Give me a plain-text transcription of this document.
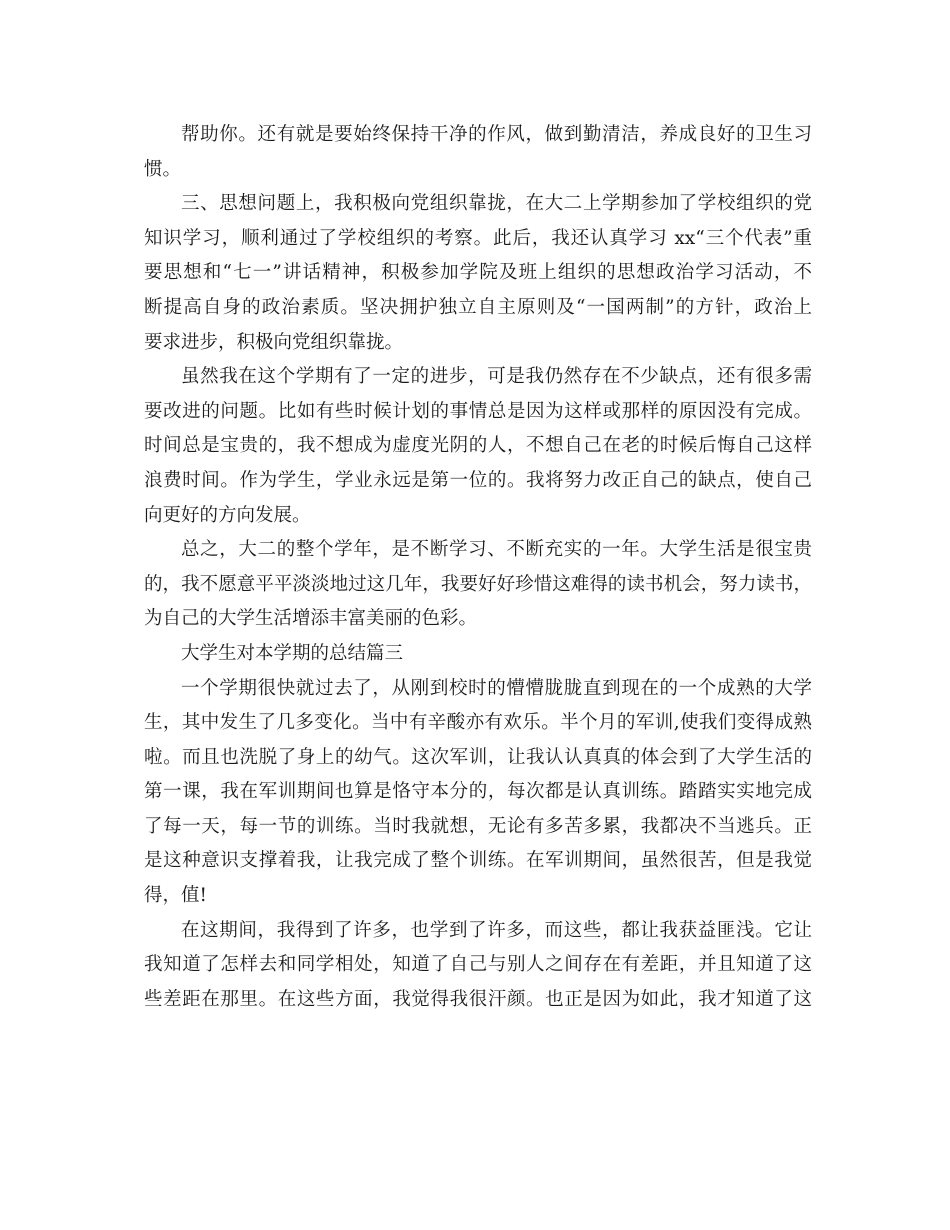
帮助你。还有就是要始终保持干净的作风，做到勤清洁，养成良好的卫生习
惯。
三、思想问题上，我积极向党组织靠拢，在大二上学期参加了学校组织的党
知识学习，顺利通过了学校组织的考察。此后，我还认真学习 xx“三个代表”重
要思想和“七一”讲话精神，积极参加学院及班上组织的思想政治学习活动，不
断提高自身的政治素质。坚决拥护独立自主原则及“一国两制”的方针，政治上
要求进步，积极向党组织靠拢。
虽然我在这个学期有了一定的进步，可是我仍然存在不少缺点，还有很多需
要改进的问题。比如有些时候计划的事情总是因为这样或那样的原因没有完成。
时间总是宝贵的，我不想成为虚度光阴的人，不想自己在老的时候后悔自己这样
浪费时间。作为学生，学业永远是第一位的。我将努力改正自己的缺点，使自己
向更好的方向发展。
总之，大二的整个学年，是不断学习、不断充实的一年。大学生活是很宝贵
的，我不愿意平平淡淡地过这几年，我要好好珍惜这难得的读书机会，努力读书，
为自己的大学生活增添丰富美丽的色彩。
大学生对本学期的总结篇三
一个学期很快就过去了，从刚到校时的懵懵胧胧直到现在的一个成熟的大学
生，其中发生了几多变化。当中有辛酸亦有欢乐。半个月的军训,使我们变得成熟
啦。而且也洗脱了身上的幼气。这次军训，让我认认真真的体会到了大学生活的
第一课，我在军训期间也算是恪守本分的，每次都是认真训练。踏踏实实地完成
了每一天，每一节的训练。当时我就想，无论有多苦多累，我都决不当逃兵。正
是这种意识支撑着我，让我完成了整个训练。在军训期间，虽然很苦，但是我觉
得，值!
在这期间，我得到了许多，也学到了许多，而这些，都让我获益匪浅。它让
我知道了怎样去和同学相处，知道了自己与别人之间存在有差距，并且知道了这
些差距在那里。在这些方面，我觉得我很汗颜。也正是因为如此，我才知道了这
